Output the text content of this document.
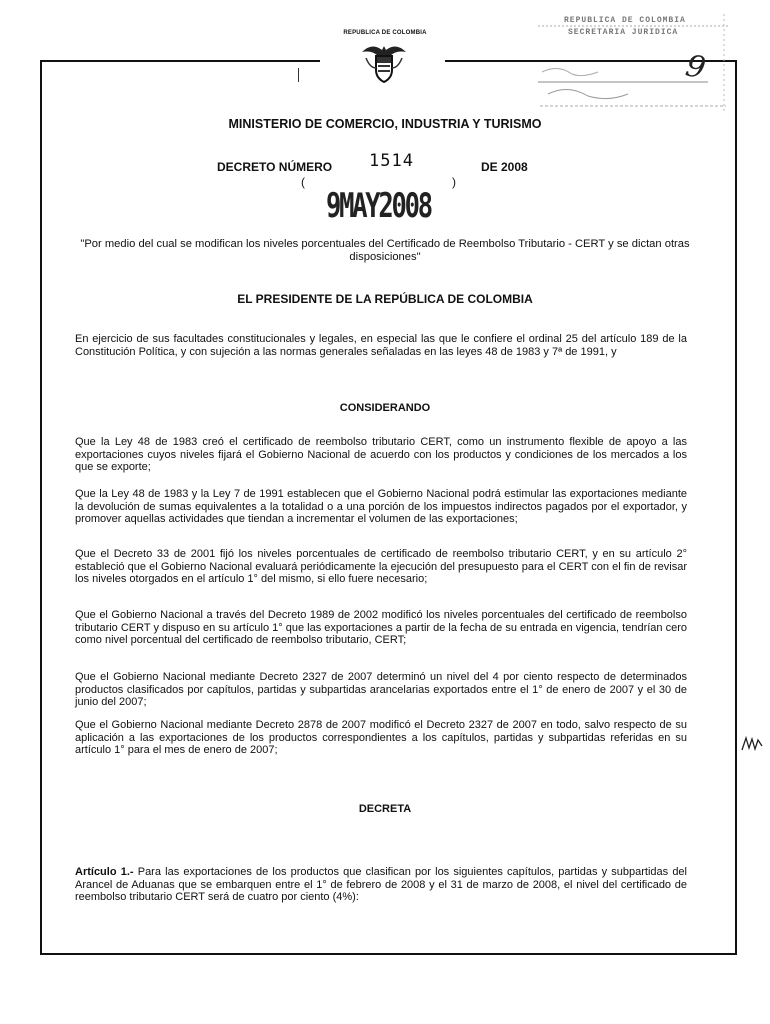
REPUBLICA DE COLOMBIA
REPUBLICA DE COLOMBIA
SECRETARIA JURIDICA
9
MINISTERIO DE COMERCIO, INDUSTRIA Y TURISMO
DECRETO NÚMERO 1514	DE 2008
(	)
9MAY2008
"Por medio del cual se modifican los niveles porcentuales del Certificado de Reembolso Tributario - CERT y se dictan otras disposiciones"
EL PRESIDENTE DE LA REPÚBLICA DE COLOMBIA
En ejercicio de sus facultades constitucionales y legales, en especial las que le confiere el ordinal 25 del artículo 189 de la Constitución Política, y con sujeción a las normas generales señaladas en las leyes 48 de 1983 y 7ª de 1991, y
CONSIDERANDO
Que la Ley 48 de 1983 creó el certificado de reembolso tributario CERT, como un instrumento flexible de apoyo a las exportaciones cuyos niveles fijará el Gobierno Nacional de acuerdo con los productos y condiciones de los mercados a los que se exporte;
Que la Ley 48 de 1983 y la Ley 7 de 1991 establecen que el Gobierno Nacional podrá estimular las exportaciones mediante la devolución de sumas equivalentes a la totalidad o a una porción de los impuestos indirectos pagados por el exportador, y promover aquellas actividades que tiendan a incrementar el volumen de las exportaciones;
Que el Decreto 33 de 2001 fijó los niveles porcentuales de certificado de reembolso tributario CERT, y en su artículo 2° estableció que el Gobierno Nacional evaluará periódicamente la ejecución del presupuesto para el CERT con el fin de revisar los niveles otorgados en el artículo 1° del mismo, si ello fuere necesario;
Que el Gobierno Nacional a través del Decreto 1989 de 2002 modificó los niveles porcentuales del certificado de reembolso tributario CERT y dispuso en su artículo 1° que las exportaciones a partir de la fecha de su entrada en vigencia, tendrían cero como nivel porcentual del certificado de reembolso tributario, CERT;
Que el Gobierno Nacional mediante Decreto 2327 de 2007 determinó un nivel del 4 por ciento respecto de determinados productos clasificados por capítulos, partidas y subpartidas arancelarias exportados entre el 1° de enero de 2007 y el 30 de junio del 2007;
Que el Gobierno Nacional mediante Decreto 2878 de 2007 modificó el Decreto 2327 de 2007 en todo, salvo respecto de su aplicación a las exportaciones de los productos correspondientes a los capítulos, partidas y subpartidas referidas en su artículo 1° para el mes de enero de 2007;
DECRETA
Artículo 1.- Para las exportaciones de los productos que clasifican por los siguientes capítulos, partidas y subpartidas del Arancel de Aduanas que se embarquen entre el 1° de febrero de 2008 y el 31 de marzo de 2008, el nivel del certificado de reembolso tributario CERT será de cuatro por ciento (4%):
